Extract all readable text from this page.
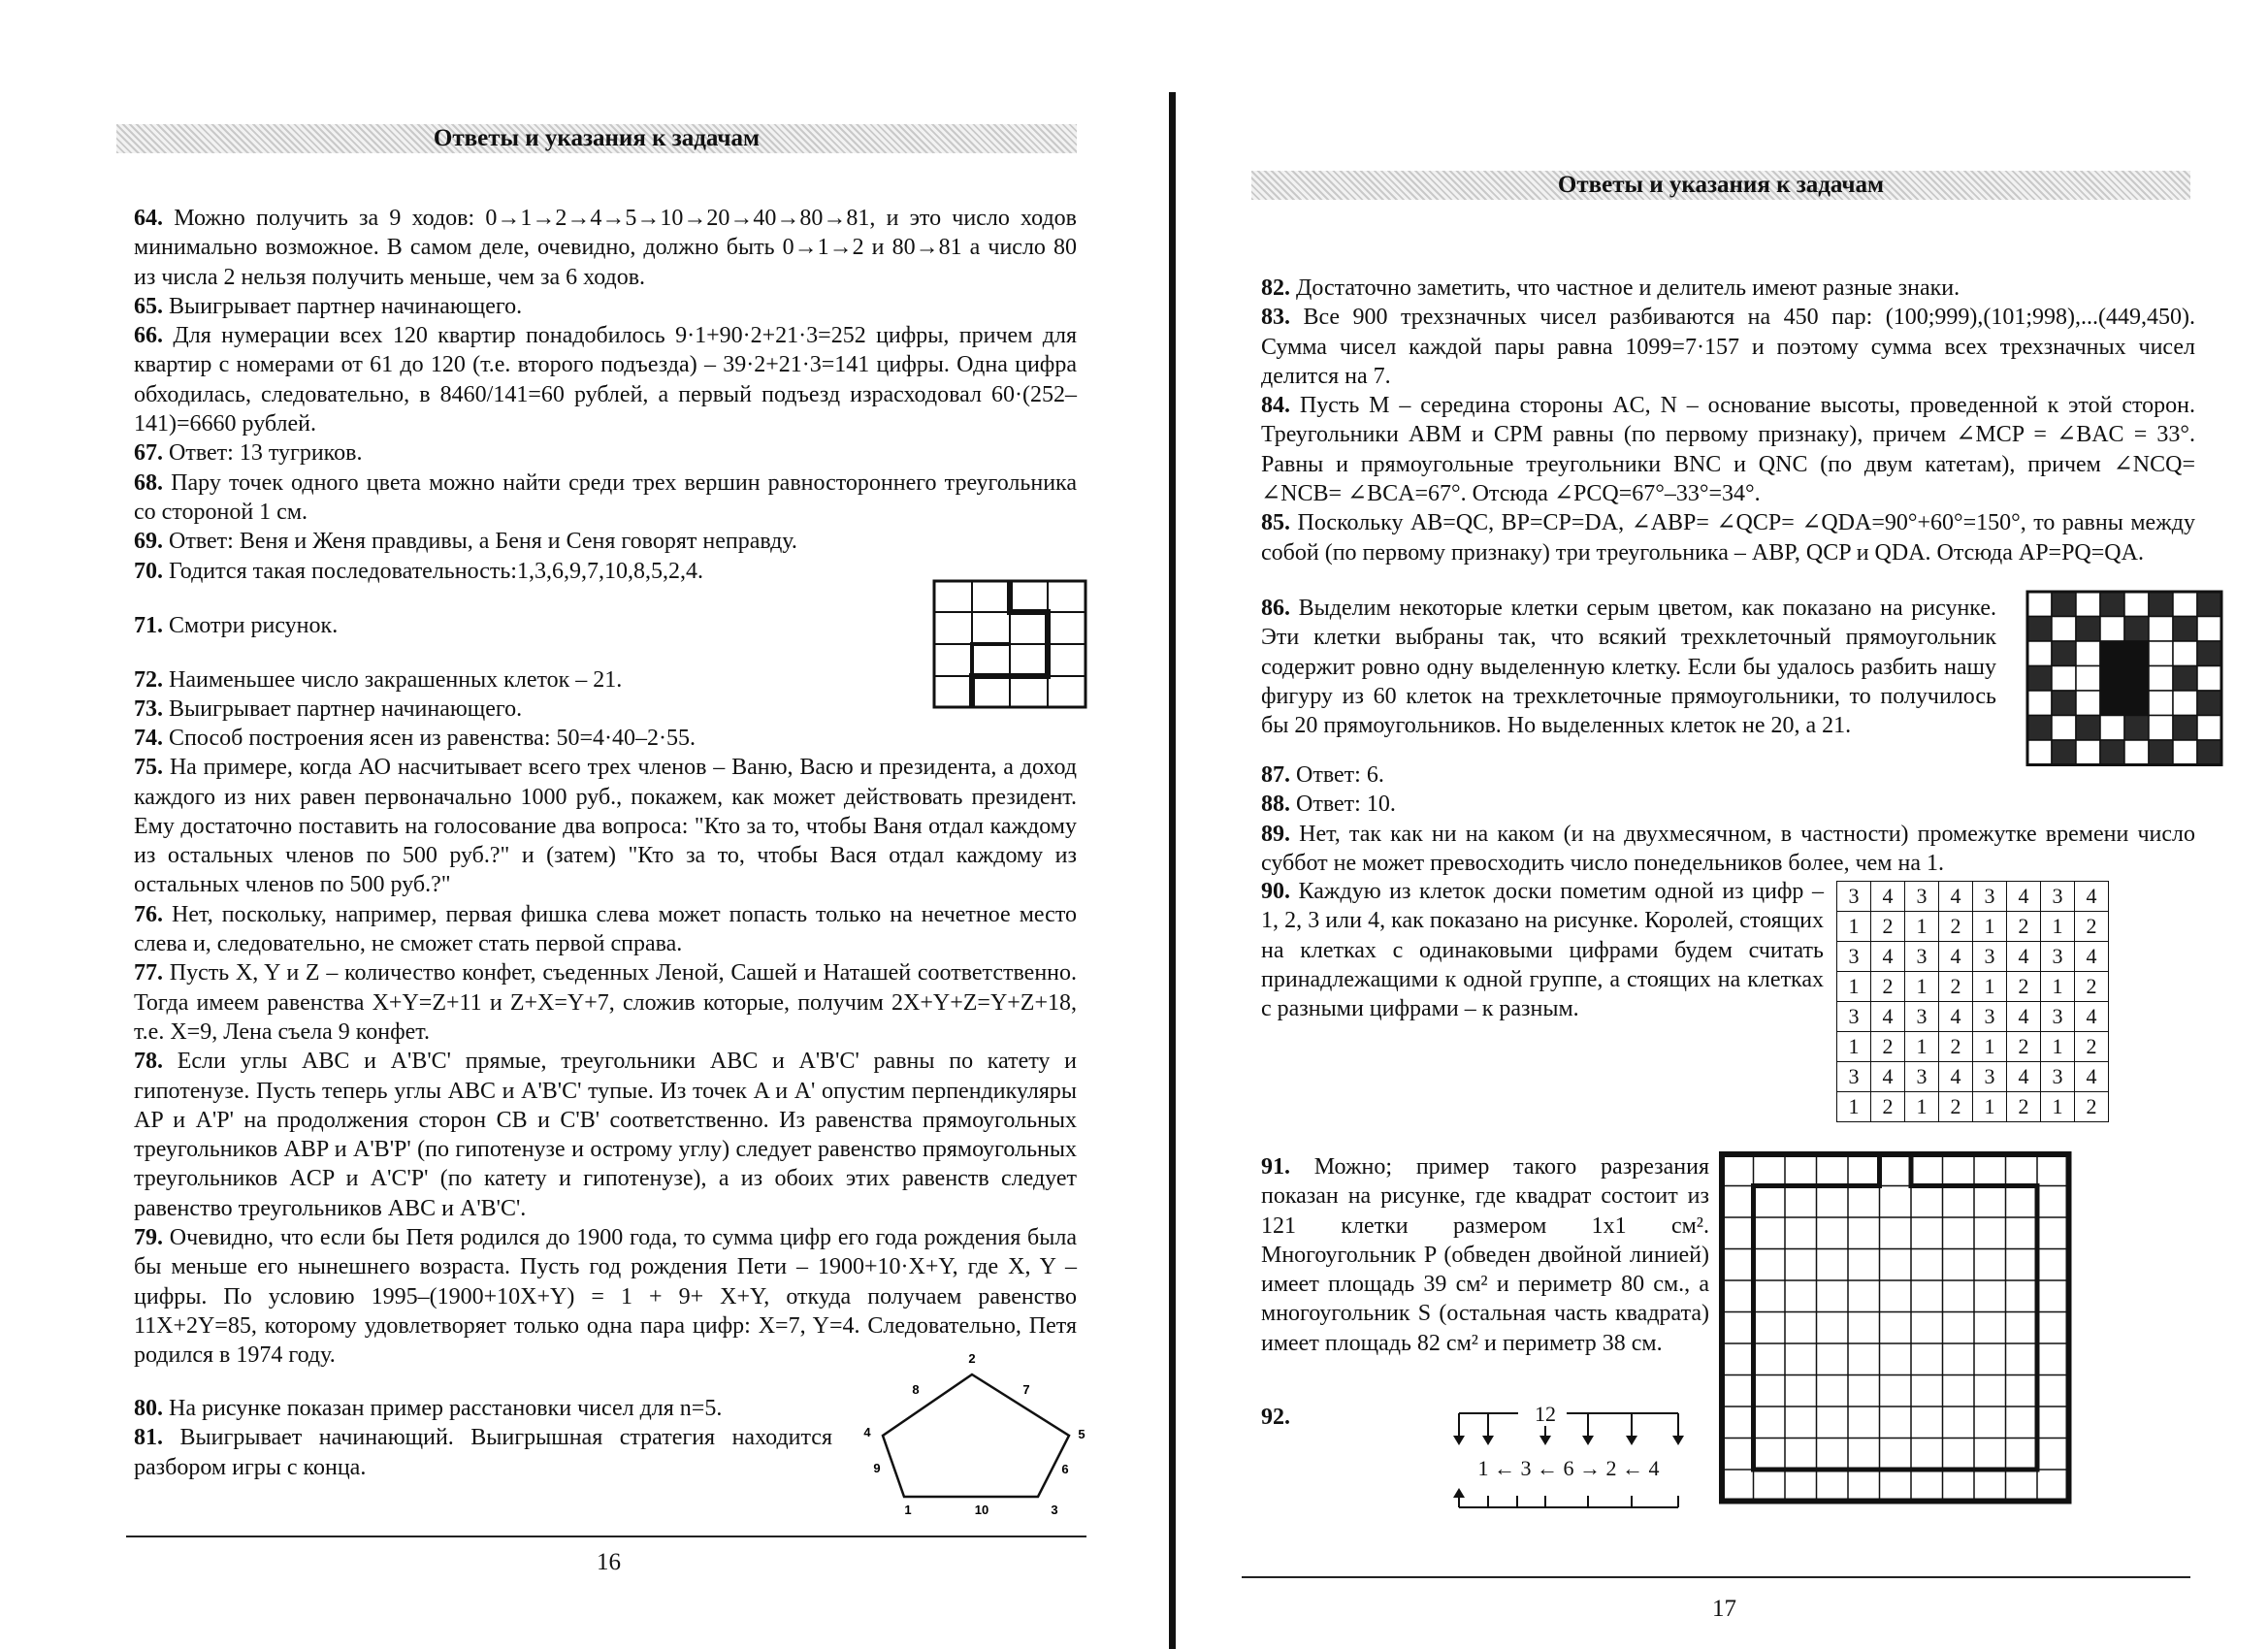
Ответы и указания к задачам

64. Можно получить за 9 ходов: 0→1→2→4→5→10→20→40→80→81, и это число ходов минимально возможное. В самом деле, очевидно, должно быть 0→1→2 и 80→81 а число 80 из числа 2 нельзя получить меньше, чем за 6 ходов.

65. Выигрывает партнер начинающего.

66. Для нумерации всех 120 квартир понадобилось 9·1+90·2+21·3=252 цифры, причем для квартир с номерами от 61 до 120 (т.е. второго подъезда) – 39·2+21·3=141 цифры. Одна цифра обходилась, следовательно, в 8460/141=60 рублей, а первый подъезд израсходовал 60·(252–141)=6660 рублей.

67. Ответ: 13 тугриков.

68. Пару точек одного цвета можно найти среди трех вершин равностороннего треугольника со стороной 1 см.

69. Ответ: Веня и Женя правдивы, а Беня и Сеня говорят неправду.

70. Годится такая последовательность:1,3,6,9,7,10,8,5,2,4.

71. Смотри рисунок.

72. Наименьшее число закрашенных клеток – 21.

73. Выигрывает партнер начинающего.

74. Способ построения ясен из равенства: 50=4·40–2·55.

75. На примере, когда АО насчитывает всего трех членов – Ваню, Васю и президента, а доход каждого из них равен первоначально 1000 руб., покажем, как может действовать президент. Ему достаточно поставить на голосование два вопроса: "Кто за то, чтобы Ваня отдал каждому из остальных членов по 500 руб.?" и (затем) "Кто за то, чтобы Вася отдал каждому из остальных членов по 500 руб.?"

76. Нет, поскольку, например, первая фишка слева может попасть только на нечетное место слева и, следовательно, не сможет стать первой справа.

77. Пусть X, Y и Z – количество конфет, съеденных Леной, Сашей и Наташей соответственно. Тогда имеем равенства X+Y=Z+11 и Z+X=Y+7, сложив которые, получим 2X+Y+Z=Y+Z+18, т.е. X=9, Лена съела 9 конфет.

78. Если углы ABC и A'B'C' прямые, треугольники ABC и A'B'C' равны по катету и гипотенузе. Пусть теперь углы ABC и A'B'C' тупые. Из точек A и A' опустим перпендикуляры AP и A'P' на продолжения сторон CB и C'B' соответственно. Из равенства прямоугольных треугольников ABP и A'B'P' (по гипотенузе и острому углу) следует равенство прямоугольных треугольников ACP и A'C'P' (по катету и гипотенузе), а из обоих этих равенств следует равенство треугольников ABC и A'B'C'.

79. Очевидно, что если бы Петя родился до 1900 года, то сумма цифр его года рождения была бы меньше его нынешнего возраста. Пусть год рождения Пети – 1900+10·X+Y, где X, Y – цифры. По условию 1995–(1900+10X+Y) = 1 + 9+ X+Y, откуда получаем равенство 11X+2Y=85, которому удовлетворяет только одна пара цифр: X=7, Y=4. Следовательно, Петя родился в 1974 году.

80. На рисунке показан пример расстановки чисел для n=5.

81. Выигрывает начинающий. Выигрышная стратегия находится разбором игры с конца.

2
7
5
6
3
10
1
9
4
8
16
Ответы и указания к задачам

82. Достаточно заметить, что частное и делитель имеют разные знаки.

83. Все 900 трехзначных чисел разбиваются на 450 пар: (100;999),(101;998),...(449,450). Сумма чисел каждой пары равна 1099=7·157 и поэтому сумма всех трехзначных чисел делится на 7.

84. Пусть M – середина стороны AC, N – основание высоты, проведенной к этой сторон. Треугольники ABM и CPM равны (по первому признаку), причем ∠MCP = ∠BAC = 33°. Равны и прямоугольные треугольники BNC и QNC (по двум катетам), причем ∠NCQ= ∠NCB= ∠BCA=67°. Отсюда ∠PCQ=67°–33°=34°.

85. Поскольку AB=QC, BP=CP=DA, ∠ABP= ∠QCP= ∠QDA=90°+60°=150°, то равны между собой (по первому признаку) три треугольника – ABP, QCP и QDA. Отсюда AP=PQ=QA.

86. Выделим некоторые клетки серым цветом, как показано на рисунке. Эти клетки выбраны так, что всякий трехклеточный прямоугольник содержит ровно одну выделенную клетку. Если бы удалось разбить нашу фигуру из 60 клеток на трехклеточные прямоугольники, то получилось бы 20 прямоугольников. Но выделенных клеток не 20, а 21.

87. Ответ: 6.

88. Ответ: 10.

89. Нет, так как ни на каком (и на двухмесячном, в частности) промежутке времени число суббот не может превосходить число понедельников более, чем на 1.

90. Каждую из клеток доски пометим одной из цифр – 1, 2, 3 или 4, как показано на рисунке. Королей, стоящих на клетках с одинаковыми цифрами будем считать принадлежащими к одной группе, а стоящих на клетках с разными цифрами – к разным.

3	4	3	4	3	4	3	4
1	2	1	2	1	2	1	2
3	4	3	4	3	4	3	4
1	2	1	2	1	2	1	2
3	4	3	4	3	4	3	4
1	2	1	2	1	2	1	2
3	4	3	4	3	4	3	4
1	2	1	2	1	2	1	2

91. Можно; пример такого разрезания показан на рисунке, где квадрат состоит из 121 клетки размером 1x1 см². Многоугольник P (обведен двойной линией) имеет площадь 39 см² и периметр 80 см., а многоугольник S (остальная часть квадрата) имеет площадь 82 см² и периметр 38 см.

92.	12
1 ← 3 ← 6 → 2 ← 4
17
